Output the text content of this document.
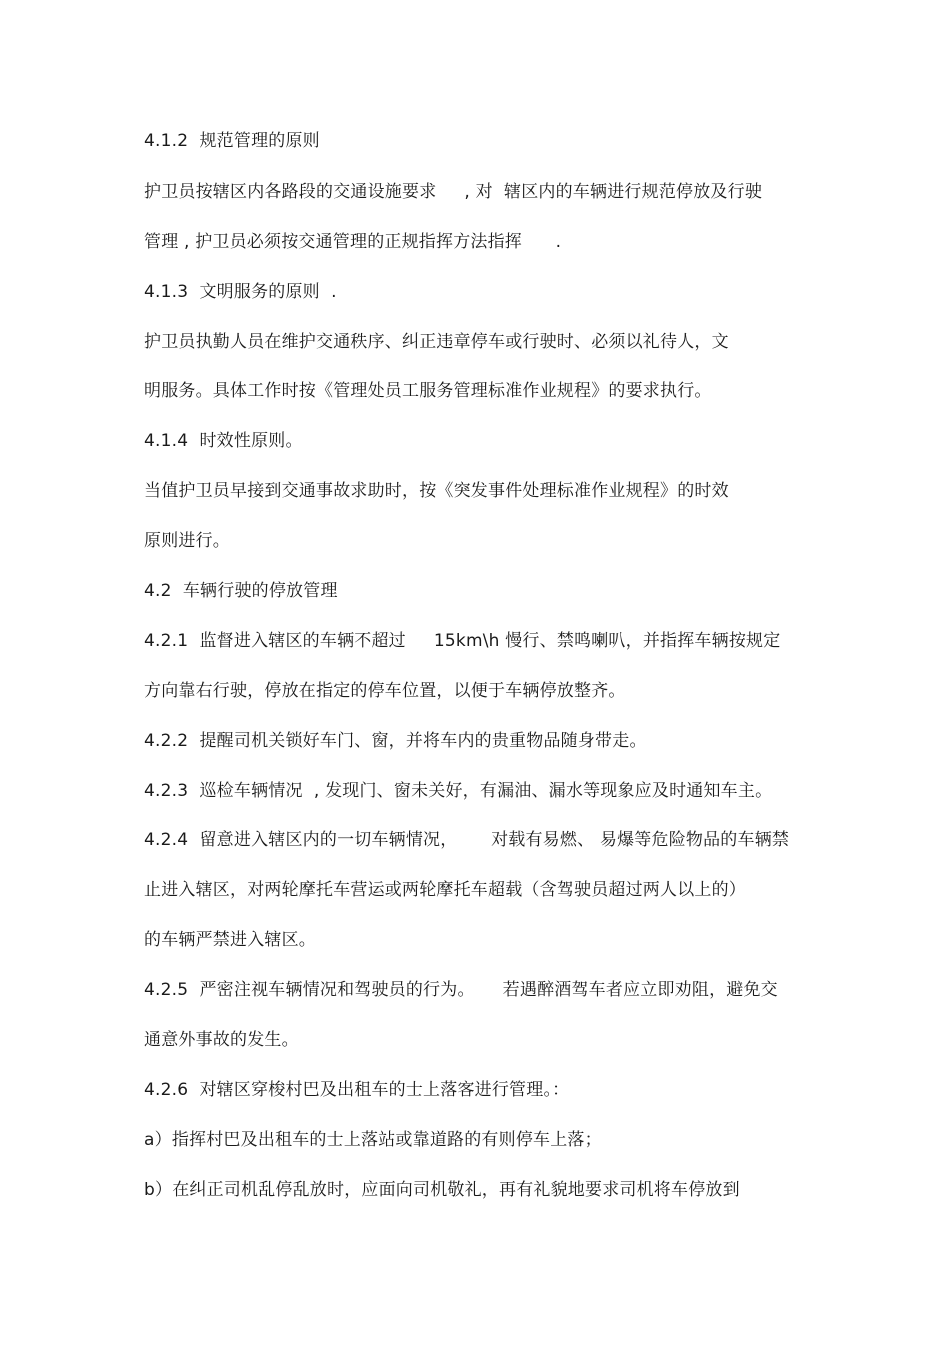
4.1.2  规范管理的原则
护卫员按辖区内各路段的交通设施要求     , 对  辖区内的车辆进行规范停放及行驶
管理 , 护卫员必须按交通管理的正规指挥方法指挥      .
4.1.3  文明服务的原则  .
护卫员执勤人员在维护交通秩序、纠正违章停车或行驶时、必须以礼待人，文
明服务。具体工作时按《管理处员工服务管理标准作业规程》的要求执行。
4.1.4  时效性原则。
当值护卫员早接到交通事故求助时，按《突发事件处理标准作业规程》的时效
原则进行。
4.2  车辆行驶的停放管理
4.2.1  监督进入辖区的车辆不超过     15km\h 慢行、禁鸣喇叭，并指挥车辆按规定
方向靠右行驶，停放在指定的停车位置，以便于车辆停放整齐。
4.2.2  提醒司机关锁好车门、窗，并将车内的贵重物品随身带走。
4.2.3  巡检车辆情况  , 发现门、窗未关好，有漏油、漏水等现象应及时通知车主。
4.2.4  留意进入辖区内的一切车辆情况，      对载有易燃、 易爆等危险物品的车辆禁
止进入辖区，对两轮摩托车营运或两轮摩托车超载（含驾驶员超过两人以上的）
的车辆严禁进入辖区。
4.2.5  严密注视车辆情况和驾驶员的行为。     若遇醉酒驾车者应立即劝阻，避免交
通意外事故的发生。
4.2.6  对辖区穿梭村巴及出租车的士上落客进行管理。：
a）指挥村巴及出租车的士上落站或靠道路的有则停车上落；
b）在纠正司机乱停乱放时，应面向司机敬礼，再有礼貌地要求司机将车停放到
